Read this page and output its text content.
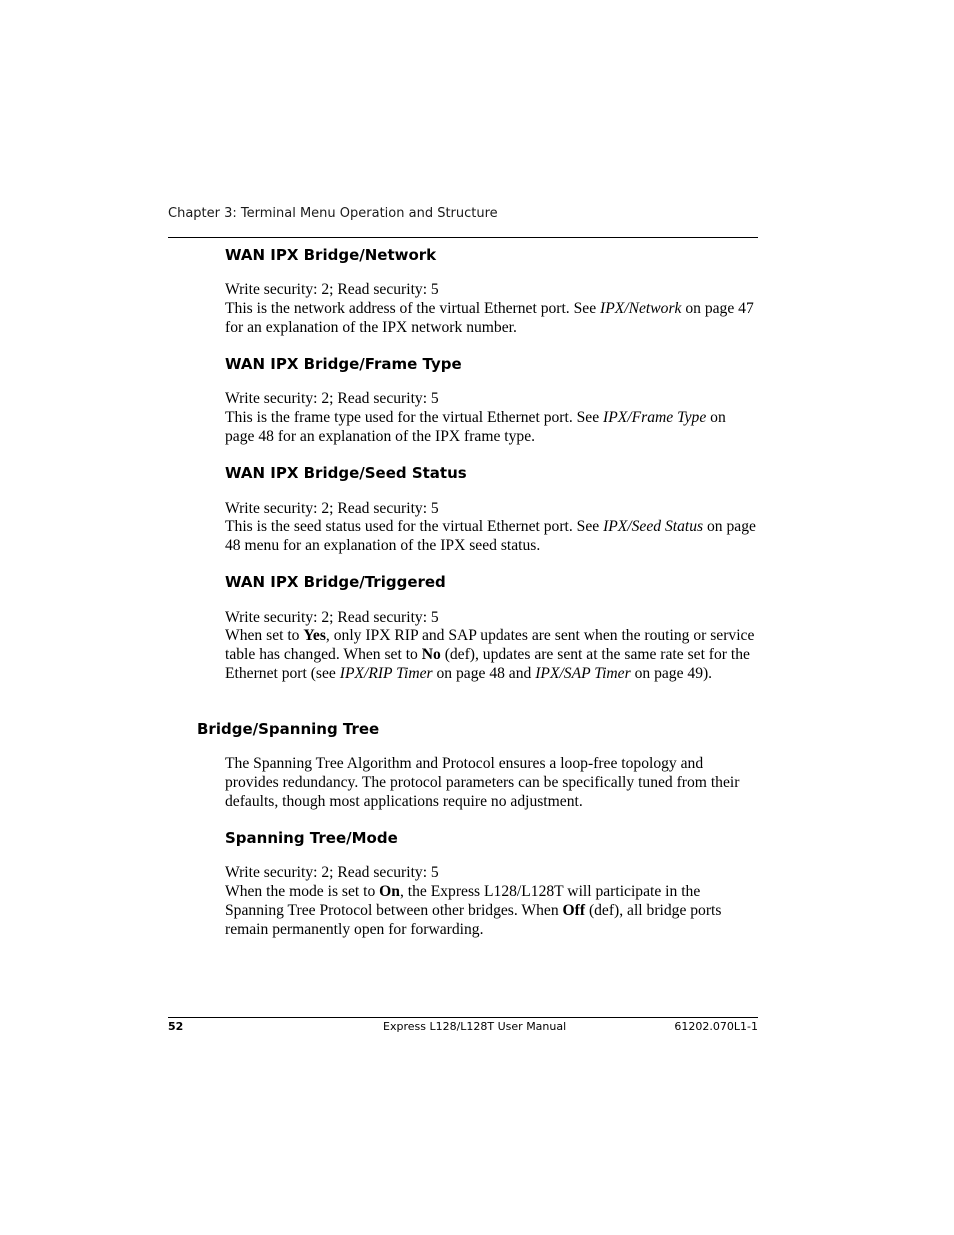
Chapter 3: Terminal Menu Operation and Structure
WAN IPX Bridge/Network

Write security: 2; Read security: 5

This is the network address of the virtual Ethernet port. See IPX/Network on page 47 for an explanation of the IPX network number.

WAN IPX Bridge/Frame Type

Write security: 2; Read security: 5

This is the frame type used for the virtual Ethernet port. See IPX/Frame Type on page 48 for an explanation of the IPX frame type.

WAN IPX Bridge/Seed Status

Write security: 2; Read security: 5

This is the seed status used for the virtual Ethernet port. See IPX/Seed Status on page 48 menu for an explanation of the IPX seed status.

WAN IPX Bridge/Triggered

Write security: 2; Read security: 5

When set to Yes, only IPX RIP and SAP updates are sent when the routing or service table has changed. When set to No (def), updates are sent at the same rate set for the Ethernet port (see IPX/RIP Timer on page 48 and IPX/SAP Timer on page 49).

Bridge/Spanning Tree

The Spanning Tree Algorithm and Protocol ensures a loop-free topology and provides redundancy. The protocol parameters can be specifically tuned from their defaults, though most applications require no adjustment.

Spanning Tree/Mode

Write security: 2; Read security: 5

When the mode is set to On, the Express L128/L128T will participate in the Spanning Tree Protocol between other bridges. When Off (def), all bridge ports remain permanently open for forwarding.

52	Express L128/L128T User Manual	61202.070L1-1
